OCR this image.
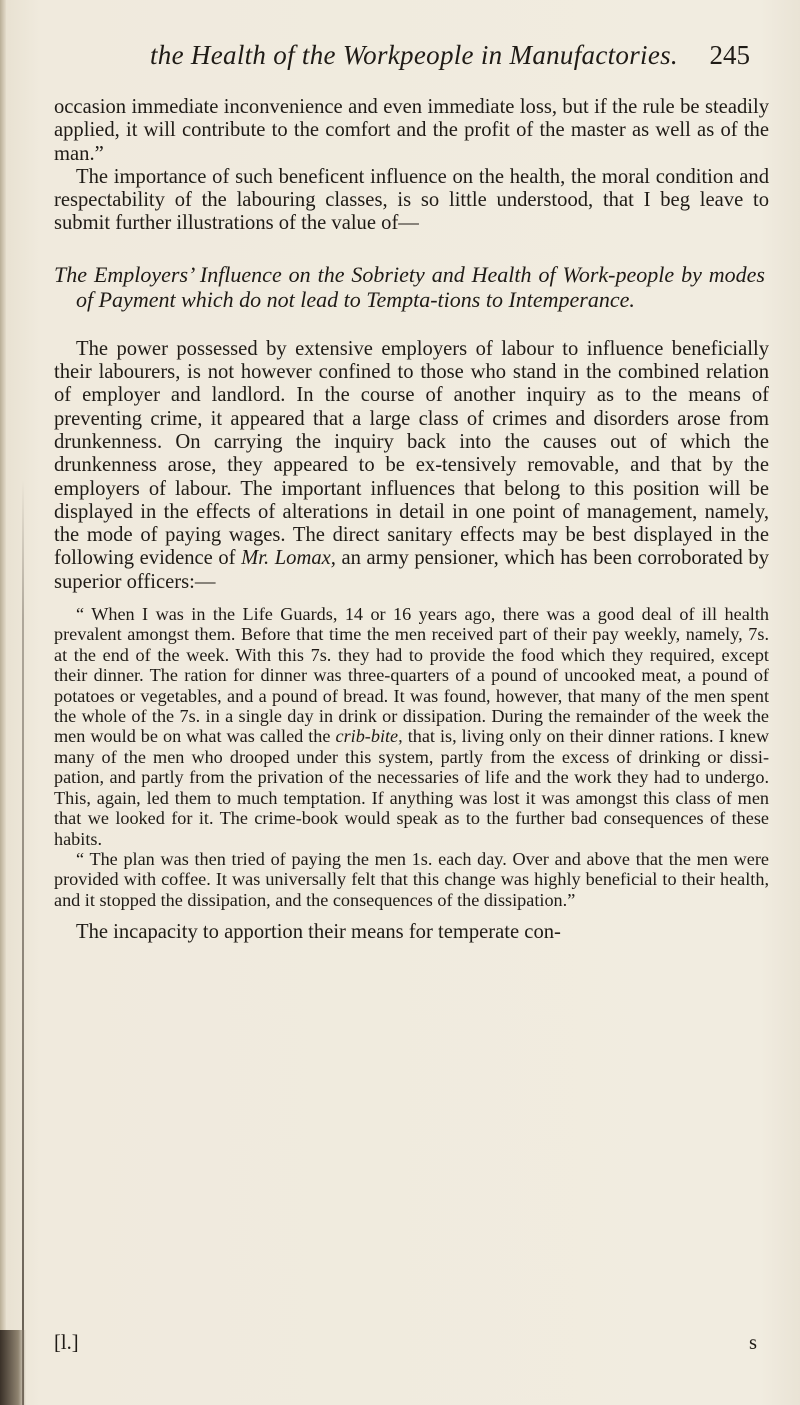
the Health of the Workpeople in Manufactories. 245

occasion immediate inconvenience and even immediate loss, but if the rule be steadily applied, it will contribute to the comfort and the profit of the master as well as of the man.”

The importance of such beneficent influence on the health, the moral condition and respectability of the labouring classes, is so little understood, that I beg leave to submit further illustrations of the value of—

The Employers’ Influence on the Sobriety and Health of Work-people by modes of Payment which do not lead to Tempta-tions to Intemperance.

The power possessed by extensive employers of labour to influence beneficially their labourers, is not however confined to those who stand in the combined relation of employer and landlord. In the course of another inquiry as to the means of preventing crime, it appeared that a large class of crimes and disorders arose from drunkenness. On carrying the inquiry back into the causes out of which the drunkenness arose, they appeared to be ex-tensively removable, and that by the employers of labour. The important influences that belong to this position will be displayed in the effects of alterations in detail in one point of management, namely, the mode of paying wages. The direct sanitary effects may be best displayed in the following evidence of Mr. Lomax, an army pensioner, which has been corroborated by superior officers:—

“ When I was in the Life Guards, 14 or 16 years ago, there was a good deal of ill health prevalent amongst them. Before that time the men received part of their pay weekly, namely, 7s. at the end of the week. With this 7s. they had to provide the food which they required, except their dinner. The ration for dinner was three-quarters of a pound of uncooked meat, a pound of potatoes or vegetables, and a pound of bread. It was found, however, that many of the men spent the whole of the 7s. in a single day in drink or dissipation. During the remainder of the week the men would be on what was called the crib-bite, that is, living only on their dinner rations. I knew many of the men who drooped under this system, partly from the excess of drinking or dissi-pation, and partly from the privation of the necessaries of life and the work they had to undergo. This, again, led them to much temptation. If anything was lost it was amongst this class of men that we looked for it. The crime-book would speak as to the further bad consequences of these habits.

“ The plan was then tried of paying the men 1s. each day. Over and above that the men were provided with coffee. It was universally felt that this change was highly beneficial to their health, and it stopped the dissipation, and the consequences of the dissipation.”

The incapacity to apportion their means for temperate con-

[l.]	s
